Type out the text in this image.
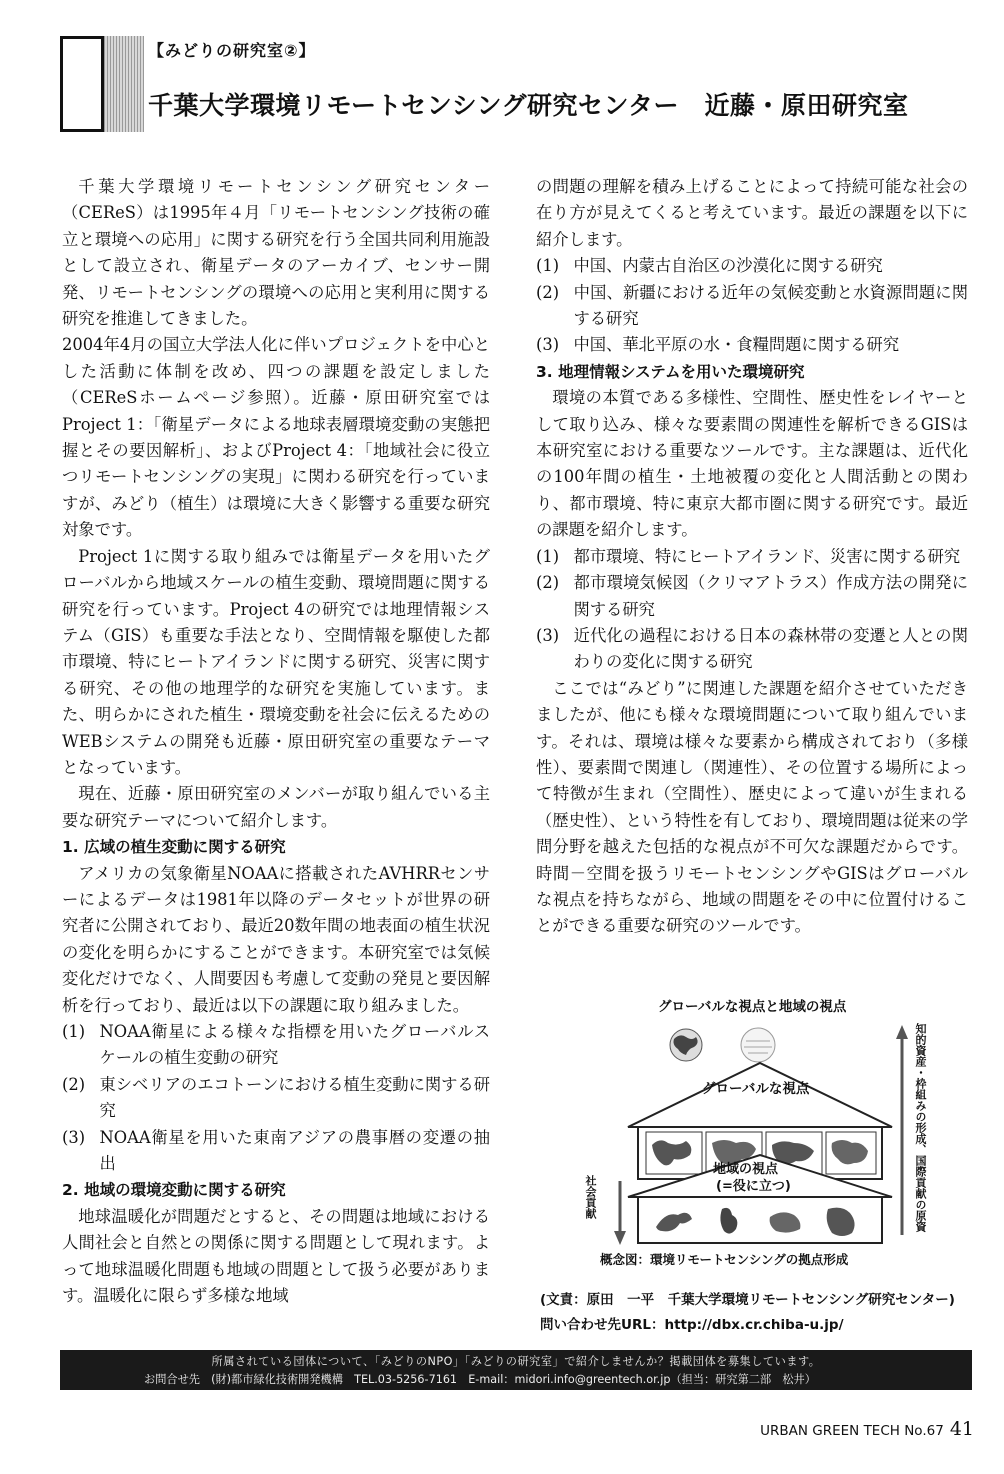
【みどりの研究室②】
千葉大学環境リモートセンシング研究センター　近藤・原田研究室

千葉大学環境リモートセンシング研究センター（CEReS）は1995年４月「リモートセンシング技術の確立と環境への応用」に関する研究を行う全国共同利用施設として設立され、衛星データのアーカイブ、センサー開発、リモートセンシングの環境への応用と実利用に関する研究を推進してきました。

2004年4月の国立大学法人化に伴いプロジェクトを中心とした活動に体制を改め、四つの課題を設定しました（CEReSホームページ参照）。近藤・原田研究室ではProject 1：「衛星データによる地球表層環境変動の実態把握とその要因解析」、およびProject 4：「地域社会に役立つリモートセンシングの実現」に関わる研究を行っていますが、みどり（植生）は環境に大きく影響する重要な研究対象です。

Project 1に関する取り組みでは衛星データを用いたグローバルから地域スケールの植生変動、環境問題に関する研究を行っています。Project 4の研究では地理情報システム（GIS）も重要な手法となり、空間情報を駆使した都市環境、特にヒートアイランドに関する研究、災害に関する研究、その他の地理学的な研究を実施しています。また、明らかにされた植生・環境変動を社会に伝えるためのWEBシステムの開発も近藤・原田研究室の重要なテーマとなっています。

現在、近藤・原田研究室のメンバーが取り組んでいる主要な研究テーマについて紹介します。

1. 広域の植生変動に関する研究

アメリカの気象衛星NOAAに搭載されたAVHRRセンサーによるデータは1981年以降のデータセットが世界の研究者に公開されており、最近20数年間の地表面の植生状況の変化を明らかにすることができます。本研究室では気候変化だけでなく、人間要因も考慮して変動の発見と要因解析を行っており、最近は以下の課題に取り組みました。

(1) NOAA衛星による様々な指標を用いたグローバルスケールの植生変動の研究
(2) 東シベリアのエコトーンにおける植生変動に関する研究
(3) NOAA衛星を用いた東南アジアの農事暦の変遷の抽出
2. 地域の環境変動に関する研究

地球温暖化が問題だとすると、その問題は地域における人間社会と自然との関係に関する問題として現れます。よって地球温暖化問題も地域の問題として扱う必要があります。温暖化に限らず多様な地域

の問題の理解を積み上げることによって持続可能な社会の在り方が見えてくると考えています。最近の課題を以下に紹介します。

(1) 中国、内蒙古自治区の沙漠化に関する研究
(2) 中国、新疆における近年の気候変動と水資源問題に関する研究
(3) 中国、華北平原の水・食糧問題に関する研究
3. 地理情報システムを用いた環境研究

環境の本質である多様性、空間性、歴史性をレイヤーとして取り込み、様々な要素間の関連性を解析できるGISは本研究室における重要なツールです。主な課題は、近代化の100年間の植生・土地被覆の変化と人間活動との関わり、都市環境、特に東京大都市圏に関する研究です。最近の課題を紹介します。

(1) 都市環境、特にヒートアイランド、災害に関する研究
(2) 都市環境気候図（クリマアトラス）作成方法の開発に関する研究
(3) 近代化の過程における日本の森林帯の変遷と人との関わりの変化に関する研究

ここでは“みどり”に関連した課題を紹介させていただきましたが、他にも様々な環境問題について取り組んでいます。それは、環境は様々な要素から構成されており（多様性）、要素間で関連し（関連性）、その位置する場所によって特徴が生まれ（空間性）、歴史によって違いが生まれる（歴史性）、という特性を有しており、環境問題は従来の学問分野を越えた包括的な視点が不可欠な課題だからです。時間－空間を扱うリモートセンシングやGISはグローバルな視点を持ちながら、地域の問題をその中に位置付けることができる重要な研究のツールです。

グローバルな視点と地域の視点
グローバルな視点
地域の視点
(=役に立つ)
社会貢献	知的資産・枠組みの形成、国際貢献の原資
概念図：環境リモートセンシングの拠点形成
(文責：原田　一平　千葉大学環境リモートセンシング研究センター)
問い合わせ先URL：http://dbx.cr.chiba-u.jp/
所属されている団体について、「みどりのNPO」「みどりの研究室」で紹介しませんか？掲載団体を募集しています。
お問合せ先　(財)都市緑化技術開発機構　TEL.03-5256-7161　E-mail：midori.info@greentech.or.jp（担当：研究第二部　松井）
URBAN GREEN TECH No.67 41
